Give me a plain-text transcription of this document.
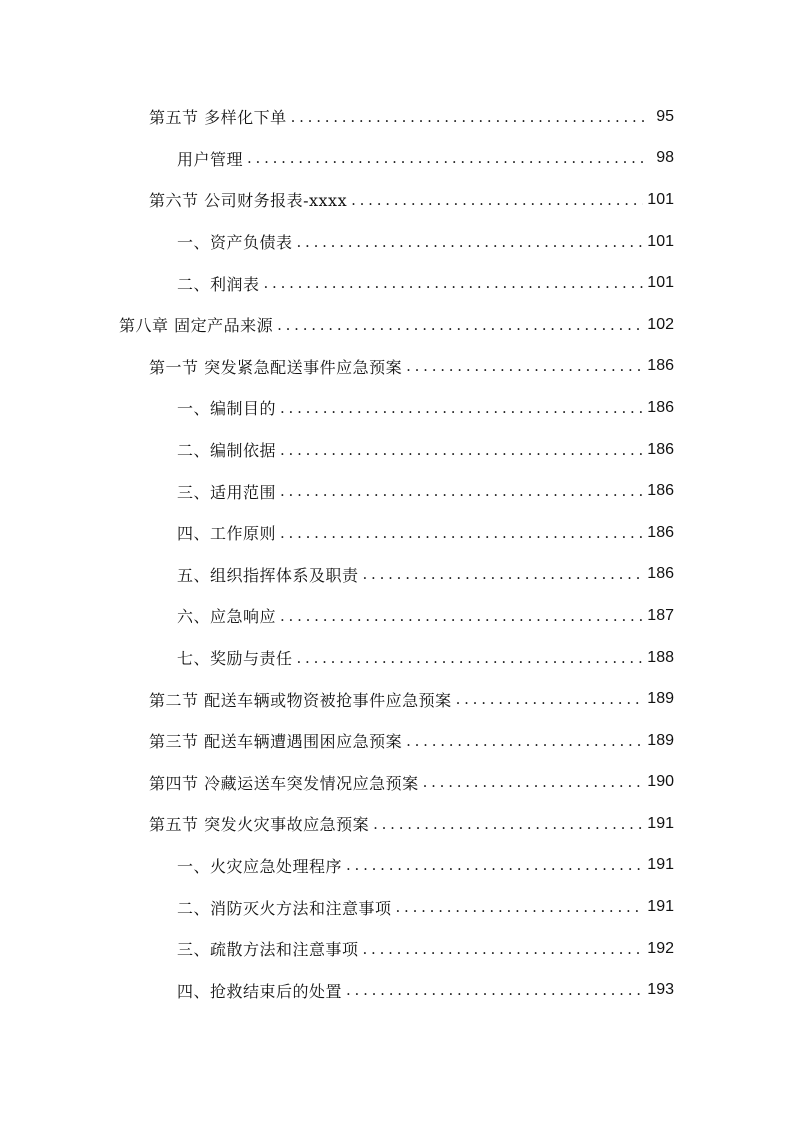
第五节 多样化下单 . . .	95
用户管理 . . .	98
第六节 公司财务报表-xxxx . . .	101
一、资产负债表 . . .	101
二、利润表 . . .	101
第八章 固定产品来源 . . .	102
第一节 突发紧急配送事件应急预案 . . .	186
一、编制目的 . . .	186
二、编制依据 . . .	186
三、适用范围 . . .	186
四、工作原则 . . .	186
五、组织指挥体系及职责 . . .	186
六、应急响应 . . .	187
七、奖励与责任 . . .	188
第二节 配送车辆或物资被抢事件应急预案 . . .	189
第三节 配送车辆遭遇围困应急预案 . . .	189
第四节 冷藏运送车突发情况应急预案 . . .	190
第五节 突发火灾事故应急预案 . . .	191
一、火灾应急处理程序 . . .	191
二、消防灭火方法和注意事项 . . .	191
三、疏散方法和注意事项 . . .	192
四、抢救结束后的处置 . . .	193
